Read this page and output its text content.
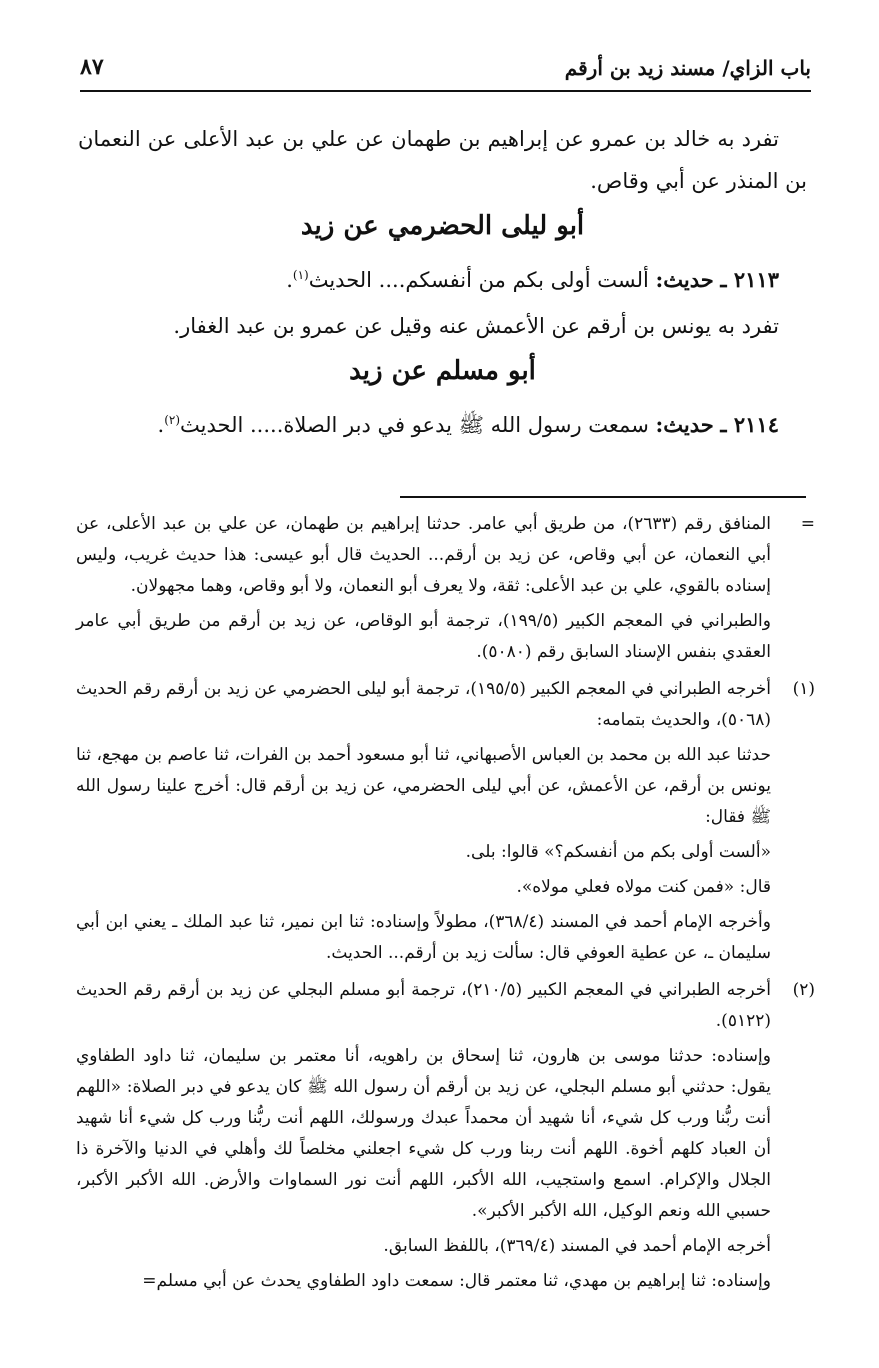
باب الزاي/ مسند زيد بن أرقم
٨٧

تفرد به خالد بن عمرو عن إبراهيم بن طهمان عن علي بن عبد الأعلى عن النعمان بن المنذر عن أبي وقاص.

أبو ليلى الحضرمي عن زيد

٢١١٣ ـ حديث: ألست أولى بكم من أنفسكم.... الحديث$^{(١)}$.

تفرد به يونس بن أرقم عن الأعمش عنه وقيل عن عمرو بن عبد الغفار.

أبو مسلم عن زيد

٢١١٤ ـ حديث: سمعت رسول الله ﷺ يدعو في دبر الصلاة..... الحديث$^{(٢)}$.

=

المنافق رقم (٢٦٣٣)، من طريق أبي عامر. حدثنا إبراهيم بن طهمان، عن علي بن عبد الأعلى، عن أبي النعمان، عن أبي وقاص، عن زيد بن أرقم... الحديث قال أبو عيسى: هذا حديث غريب، وليس إسناده بالقوي، علي بن عبد الأعلى: ثقة، ولا يعرف أبو النعمان، ولا أبو وقاص، وهما مجهولان.

والطبراني في المعجم الكبير (١٩٩/٥)، ترجمة أبو الوقاص، عن زيد بن أرقم من طريق أبي عامر العقدي بنفس الإسناد السابق رقم (٥٠٨٠).

(١)

أخرجه الطبراني في المعجم الكبير (١٩٥/٥)، ترجمة أبو ليلى الحضرمي عن زيد بن أرقم رقم الحديث (٥٠٦٨)، والحديث بتمامه:

حدثنا عبد الله بن محمد بن العباس الأصبهاني، ثنا أبو مسعود أحمد بن الفرات، ثنا عاصم بن مهجع، ثنا يونس بن أرقم، عن الأعمش، عن أبي ليلى الحضرمي، عن زيد بن أرقم قال: أخرج علينا رسول الله ﷺ فقال:

«ألست أولى بكم من أنفسكم؟» قالوا: بلى.

قال: «فمن كنت مولاه فعلي مولاه».

وأخرجه الإمام أحمد في المسند (٣٦٨/٤)، مطولاً وإسناده: ثنا ابن نمير، ثنا عبد الملك ـ يعني ابن أبي سليمان ـ، عن عطية العوفي قال: سألت زيد بن أرقم... الحديث.

(٢)

أخرجه الطبراني في المعجم الكبير (٢١٠/٥)، ترجمة أبو مسلم البجلي عن زيد بن أرقم رقم الحديث (٥١٢٢).

وإسناده: حدثنا موسى بن هارون، ثنا إسحاق بن راهويه، أنا معتمر بن سليمان، ثنا داود الطفاوي يقول: حدثني أبو مسلم البجلي، عن زيد بن أرقم أن رسول الله ﷺ كان يدعو في دبر الصلاة: «اللهم أنت ربُّنا ورب كل شيء، أنا شهيد أن محمداً عبدك ورسولك، اللهم أنت ربُّنا ورب كل شيء أنا شهيد أن العباد كلهم أخوة. اللهم أنت ربنا ورب كل شيء اجعلني مخلصاً لك وأهلي في الدنيا والآخرة ذا الجلال والإكرام. اسمع واستجيب، الله الأكبر، اللهم أنت نور السماوات والأرض. الله الأكبر الأكبر، حسبي الله ونعم الوكيل، الله الأكبر الأكبر».

أخرجه الإمام أحمد في المسند (٣٦٩/٤)، باللفظ السابق.

وإسناده: ثنا إبراهيم بن مهدي، ثنا معتمر قال: سمعت داود الطفاوي يحدث عن أبي مسلم=
